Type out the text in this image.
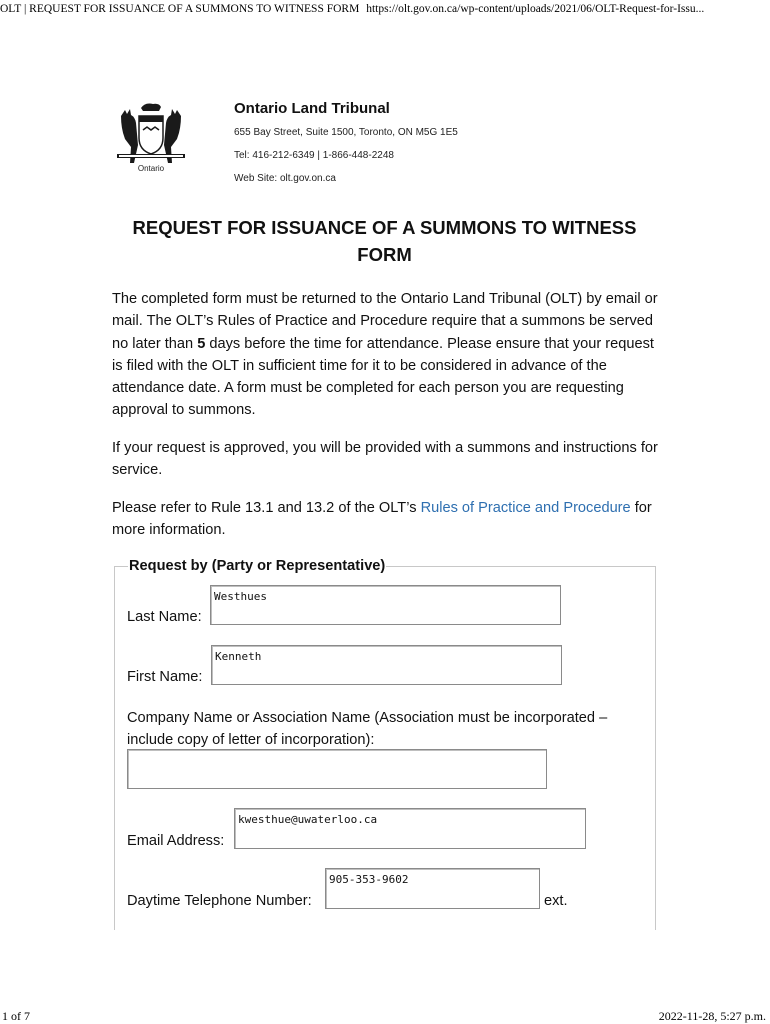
OLT | REQUEST FOR ISSUANCE OF A SUMMONS TO WITNESS FORM https://olt.gov.on.ca/wp-content/uploads/2021/06/OLT-Request-for-Issu...
Ontario

Ontario Land Tribunal

655 Bay Street, Suite 1500, Toronto, ON M5G 1E5

Tel: 416-212-6349 | 1-866-448-2248

Web Site: olt.gov.on.ca

REQUEST FOR ISSUANCE OF A SUMMONS TO WITNESS
FORM

The completed form must be returned to the Ontario Land Tribunal (OLT) by email or mail. The OLT’s Rules of Practice and Procedure require that a summons be served no later than 5 days before the time for attendance. Please ensure that your request is filed with the OLT in sufficient time for it to be considered in advance of the attendance date. A form must be completed for each person you are requesting approval to summons.

If your request is approved, you will be provided with a summons and instructions for service.

Please refer to Rule 13.1 and 13.2 of the OLT’s Rules of Practice and Procedure for more information.

Request by (Party or Representative)
Last Name:
Westhues
First Name:
Kenneth
Company Name or Association Name (Association must be incorporated – include copy of letter of incorporation):
Email Address:
kwesthue@uwaterloo.ca
Daytime Telephone Number:
905-353-9602
ext.
1 of 7	2022-11-28, 5:27 p.m.
